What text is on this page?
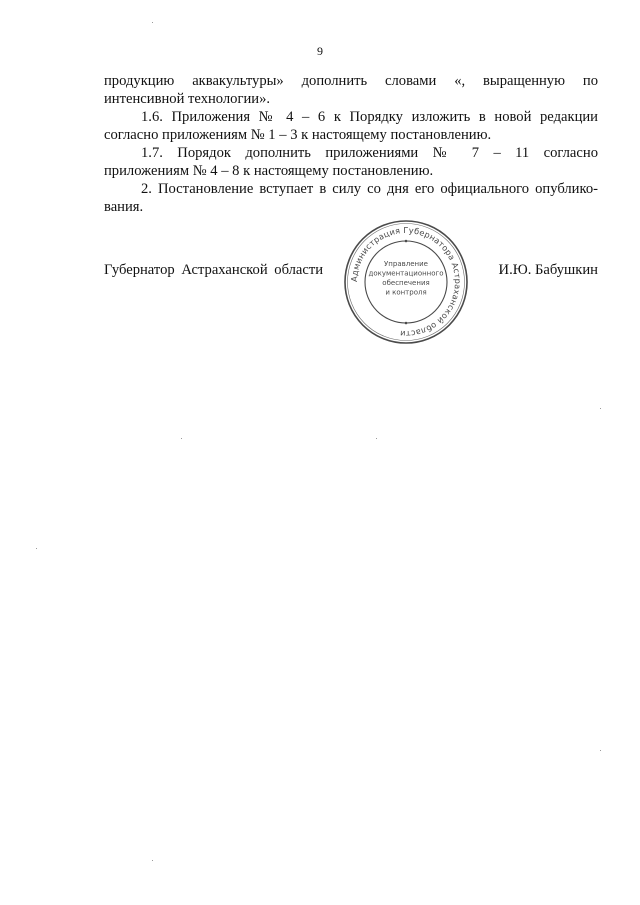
9

продукцию аквакультуры» дополнить словами «, выращенную по
интенсивной технологии».

1.6. Приложения № 4 – 6 к Порядку изложить в новой редакции
согласно приложениям № 1 – 3 к настоящему постановлению.

1.7. Порядок дополнить приложениями № 7 – 11 согласно
приложениям № 4 – 8 к настоящему постановлению.

2. Постановление вступает в силу со дня его официального опублико-
вания.

Губернатор Астраханской области	И.Ю. Бабушкин
Администрация Губернатора Астраханской области
Управление
документационного
обеспечения
и контроля
